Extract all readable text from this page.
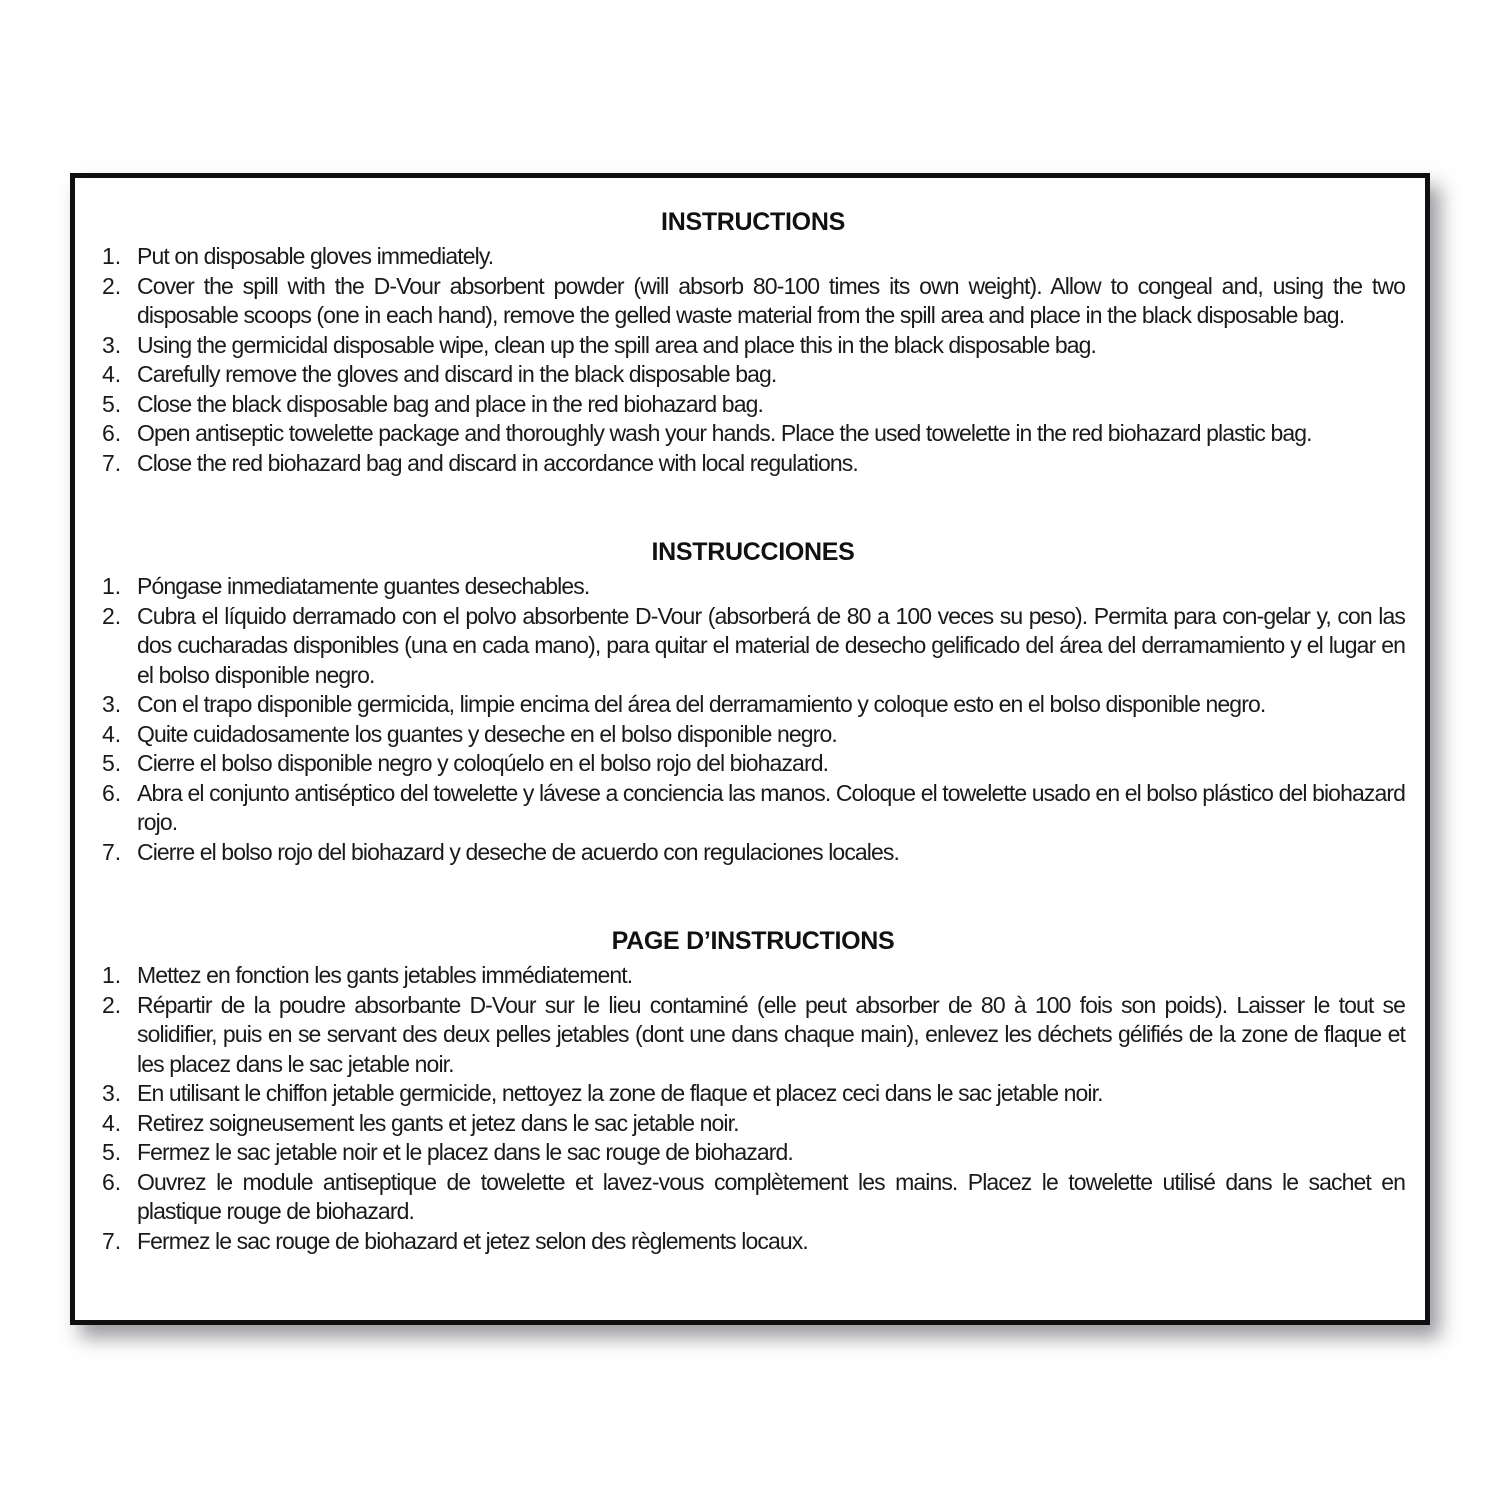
INSTRUCTIONS
1. Put on disposable gloves immediately.
2. Cover the spill with the D-Vour absorbent powder (will absorb 80-100 times its own weight). Allow to congeal and, using the two disposable scoops (one in each hand), remove the gelled waste material from the spill area and place in the black disposable bag.
3. Using the germicidal disposable wipe, clean up the spill area and place this in the black disposable bag.
4. Carefully remove the gloves and discard in the black disposable bag.
5. Close the black disposable bag and place in the red biohazard bag.
6. Open antiseptic towelette package and thoroughly wash your hands. Place the used towelette in the red biohazard plastic bag.
7. Close the red biohazard bag and discard in accordance with local regulations.
INSTRUCCIONES
1. Póngase inmediatamente guantes desechables.
2. Cubra el líquido derramado con el polvo absorbente D-Vour (absorberá de 80 a 100 veces su peso). Permita para con-gelar y, con las dos cucharadas disponibles (una en cada mano), para quitar el material de desecho gelificado del área del derramamiento y el lugar en el bolso disponible negro.
3. Con el trapo disponible germicida, limpie encima del área del derramamiento y coloque esto en el bolso disponible negro.
4. Quite cuidadosamente los guantes y deseche en el bolso disponible negro.
5. Cierre el bolso disponible negro y coloqúelo en el bolso rojo del biohazard.
6. Abra el conjunto antiséptico del towelette y lávese a conciencia las manos. Coloque el towelette usado en el bolso plástico del biohazard rojo.
7. Cierre el bolso rojo del biohazard y deseche de acuerdo con regulaciones locales.
PAGE D’INSTRUCTIONS
1. Mettez en fonction les gants jetables immédiatement.
2. Répartir de la poudre absorbante D-Vour sur le lieu contaminé (elle peut absorber de 80 à 100 fois son poids). Laisser le tout se solidifier, puis en se servant des deux pelles jetables (dont une dans chaque main), enlevez les déchets gélifiés de la zone de flaque et les placez dans le sac jetable noir.
3. En utilisant le chiffon jetable germicide, nettoyez la zone de flaque et placez ceci dans le sac jetable noir.
4. Retirez soigneusement les gants et jetez dans le sac jetable noir.
5. Fermez le sac jetable noir et le placez dans le sac rouge de biohazard.
6. Ouvrez le module antiseptique de towelette et lavez-vous complètement les mains. Placez le towelette utilisé dans le sachet en plastique rouge de biohazard.
7. Fermez le sac rouge de biohazard et jetez selon des règlements locaux.
